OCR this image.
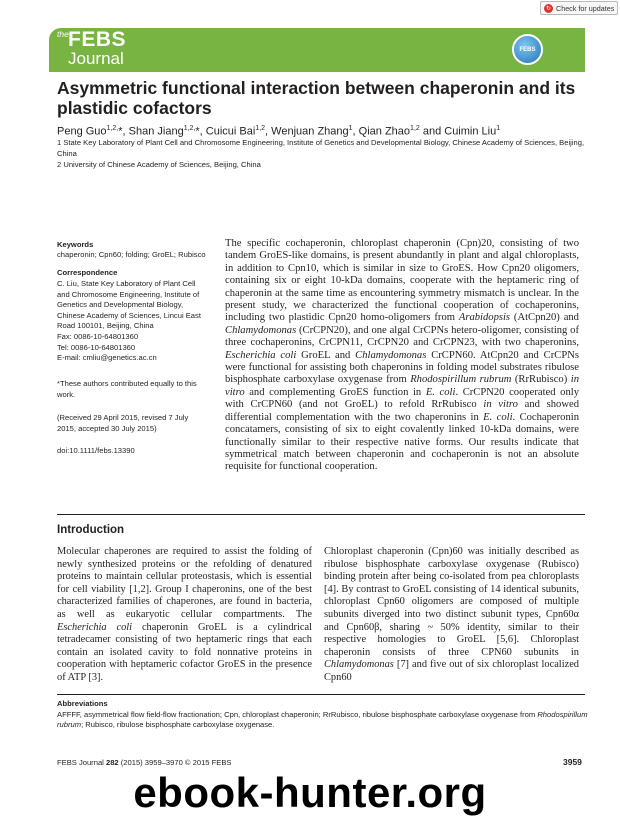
↻ Check for updates
the FEBS
Journal	FEBS
Asymmetric functional interaction between chaperonin and its plastidic cofactors
Peng Guo$^{1,2,}$*, Shan Jiang$^{1,2,}$*, Cuicui Bai$^{1,2}$, Wenjuan Zhang$^1$, Qian Zhao$^{1,2}$ and Cuimin Liu$^1$
1 State Key Laboratory of Plant Cell and Chromosome Engineering, Institute of Genetics and Developmental Biology, Chinese Academy of Sciences, Beijing, China
2 University of Chinese Academy of Sciences, Beijing, China
Keywords
chaperonin; Cpn60; folding; GroEL; Rubisco
Correspondence
C. Liu, State Key Laboratory of Plant Cell
and Chromosome Engineering, Institute of
Genetics and Developmental Biology,
Chinese Academy of Sciences, Lincui East
Road 100101, Beijing, China
Fax: 0086-10-64801360
Tel: 0086-10-64801360
E-mail: cmliu@genetics.ac.cn
*These authors contributed equally to this
work.
(Received 29 April 2015, revised 7 July
2015, accepted 30 July 2015)
doi:10.1111/febs.13390
The specific cochaperonin, chloroplast chaperonin (Cpn)20, consisting of two tandem GroES-like domains, is present abundantly in plant and algal chloroplasts, in addition to Cpn10, which is similar in size to GroES. How Cpn20 oligomers, containing six or eight 10-kDa domains, cooperate with the heptameric ring of chaperonin at the same time as encountering symmetry mismatch is unclear. In the present study, we characterized the functional cooperation of cochaperonins, including two plastidic Cpn20 homo-oligomers from Arabidopsis (AtCpn20) and Chlamydomonas (CrCPN20), and one algal CrCPNs hetero-oligomer, consisting of three cochaperonins, CrCPN11, CrCPN20 and CrCPN23, with two chaperonins, Escherichia coli GroEL and Chlamydomonas CrCPN60. AtCpn20 and CrCPNs were functional for assisting both chaperonins in folding model substrates ribulose bisphosphate carboxylase oxygenase from Rhodospirillum rubrum (RrRubisco) in vitro and complementing GroES function in E. coli. CrCPN20 cooperated only with CrCPN60 (and not GroEL) to refold RrRubisco in vitro and showed differential complementation with the two chaperonins in E. coli. Cochaperonin concatamers, consisting of six to eight covalently linked 10-kDa domains, were functionally similar to their respective native forms. Our results indicate that symmetrical match between chaperonin and cochaperonin is not an absolute requisite for functional cooperation.
Introduction
Molecular chaperones are required to assist the folding of newly synthesized proteins or the refolding of denatured proteins to maintain cellular proteostasis, which is essential for cell viability [1,2]. Group I chaperonins, one of the best characterized families of chaperones, are found in bacteria, as well as eukaryotic cellular compartments. The Escherichia coli chaperonin GroEL is a cylindrical tetradecamer consisting of two heptameric rings that each contain an isolated cavity to fold nonnative proteins in cooperation with heptameric cofactor GroES in the presence of ATP [3].
Chloroplast chaperonin (Cpn)60 was initially described as ribulose bisphosphate carboxylase oxygenase (Rubisco) binding protein after being co-isolated from pea chloroplasts [4]. By contrast to GroEL consisting of 14 identical subunits, chloroplast Cpn60 oligomers are composed of multiple subunits diverged into two distinct subunit types, Cpn60α and Cpn60β, sharing ~ 50% identity, similar to their respective homologies to GroEL [5,6]. Chloroplast chaperonin consists of three CPN60 subunits in Chlamydomonas [7] and five out of six chloroplast localized Cpn60
Abbreviations
AFFFF, asymmetrical flow field-flow fractionation; Cpn, chloroplast chaperonin; RrRubisco, ribulose bisphosphate carboxylase oxygenase from Rhodospirillum rubrum; Rubisco, ribulose bisphosphate carboxylase oxygenase.
FEBS Journal 282 (2015) 3959–3970 © 2015 FEBS	3959
ebook-hunter.org
